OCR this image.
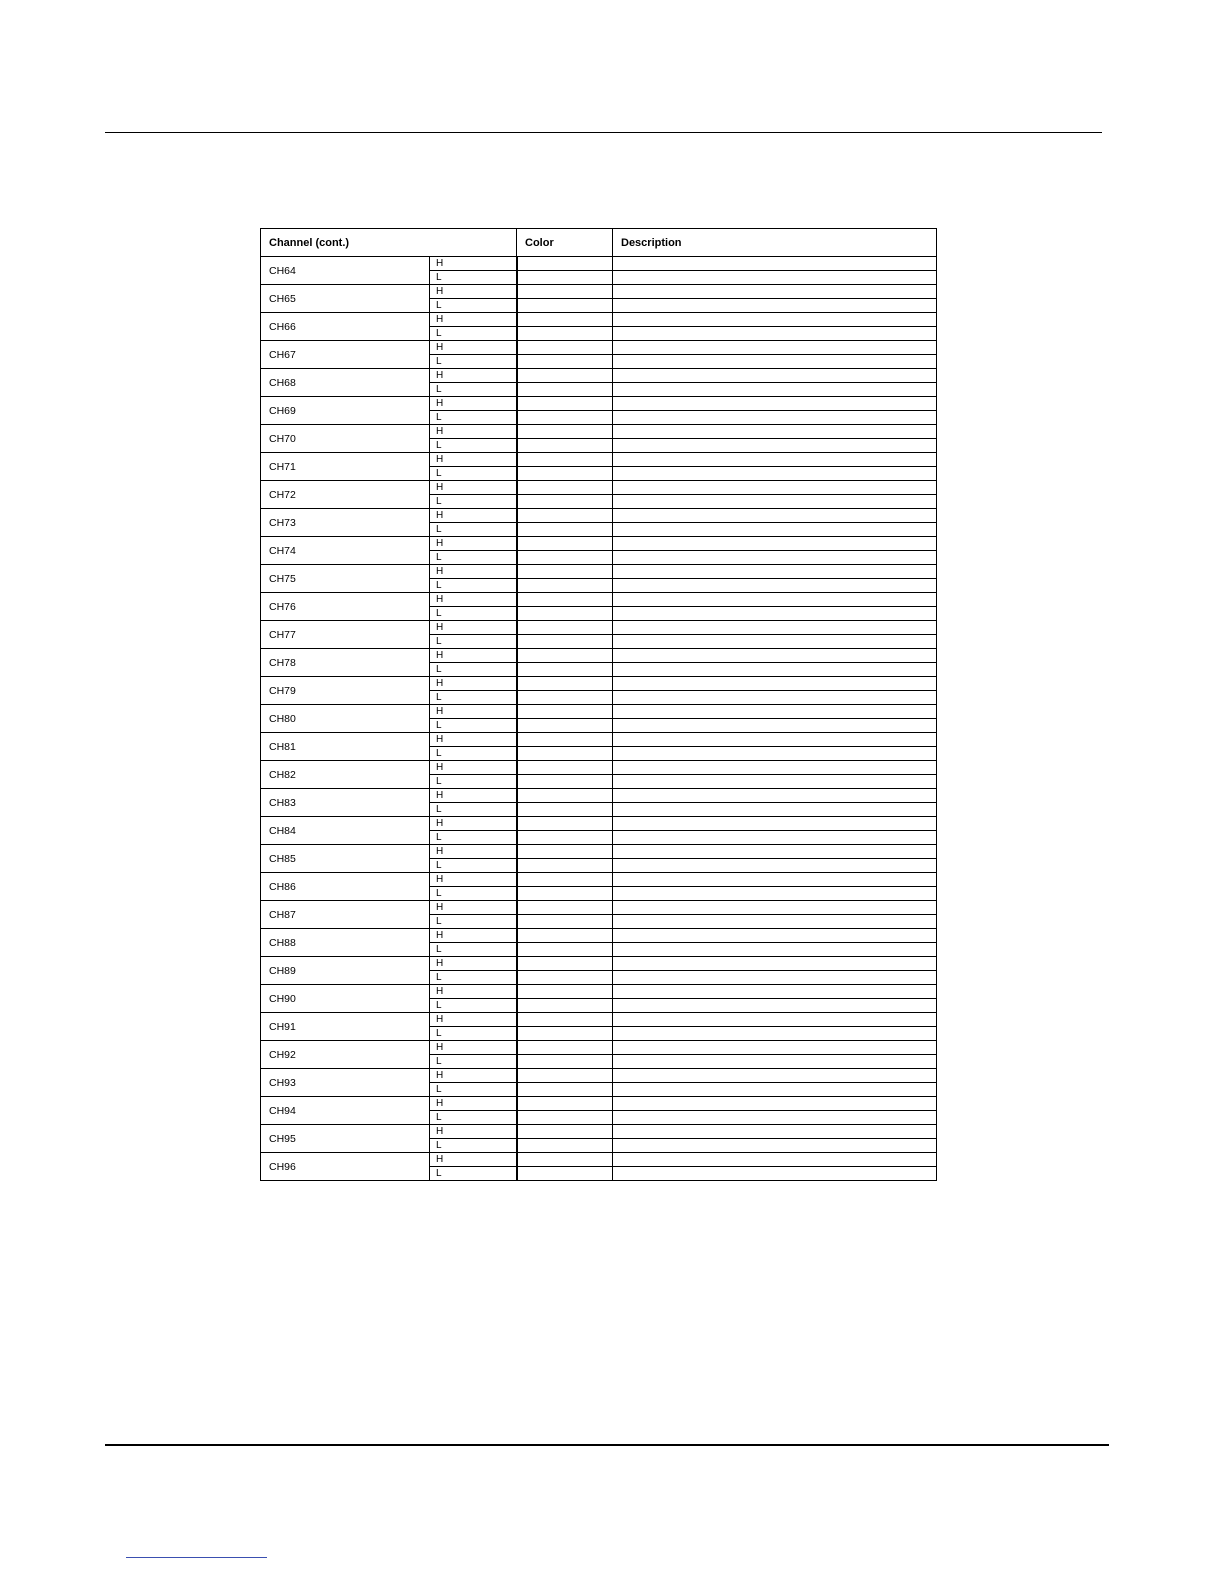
Channel (cont.)		Color	Description
CH64	H		
	L		
CH65	H		
	L		
CH66	H		
	L		
CH67	H		
	L		
CH68	H		
	L		
CH69	H		
	L		
CH70	H		
	L		
CH71	H		
	L		
CH72	H		
	L		
CH73	H		
	L		
CH74	H		
	L		
CH75	H		
	L		
CH76	H		
	L		
CH77	H		
	L		
CH78	H		
	L		
CH79	H		
	L		
CH80	H		
	L		
CH81	H		
	L		
CH82	H		
	L		
CH83	H		
	L		
CH84	H		
	L		
CH85	H		
	L		
CH86	H		
	L		
CH87	H		
	L		
CH88	H		
	L		
CH89	H		
	L		
CH90	H		
	L		
CH91	H		
	L		
CH92	H		
	L		
CH93	H		
	L		
CH94	H		
	L		
CH95	H		
	L		
CH96	H		
	L		
